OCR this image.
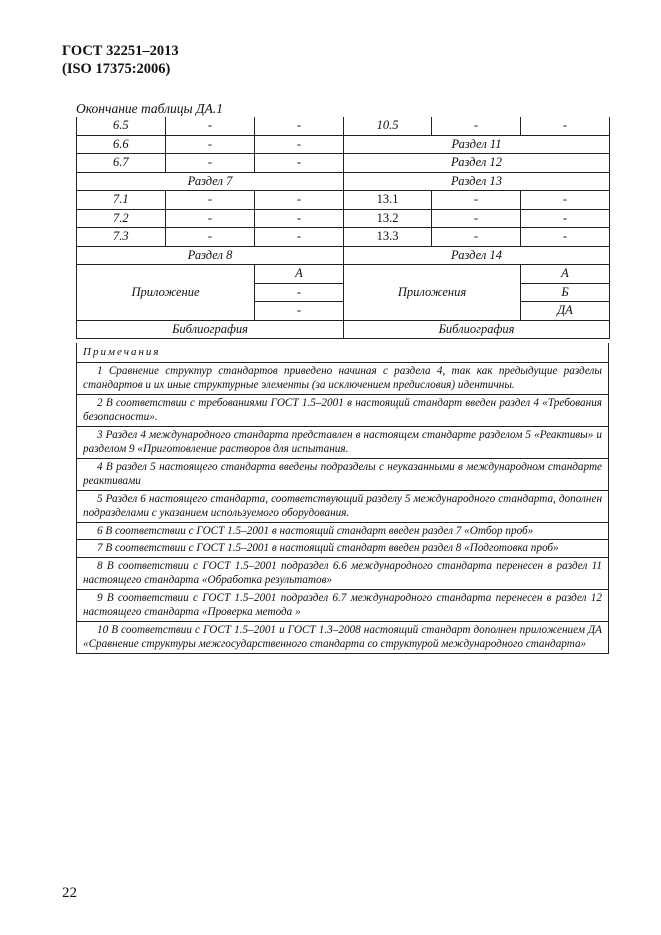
ГОСТ 32251–2013
(ISO 17375:2006)
Окончание таблицы ДА.1
6.5	-	-	10.5	-	-
6.6	-	-	Раздел 11		
6.7	-	-	Раздел 12		
Раздел 7			Раздел 13		
7.1	-	-	13.1	-	-
7.2	-	-	13.2	-	-
7.3	-	-	13.3	-	-
Раздел 8			Раздел 14		
Приложение		А	Приложения		А
		-			Б
		-			ДА
Библиография			Библиография		
Примечания
1 Сравнение структур стандартов приведено начиная с раздела 4, так как предыдущие разделы стандартов и их иные структурные элементы (за исключением предисловия) идентичны.
2 В соответствии с требованиями ГОСТ 1.5–2001 в настоящий стандарт введен раздел 4 «Требования безопасности».
3 Раздел 4 международного стандарта представлен в настоящем стандарте разделом 5 «Реактивы» и разделом 9 «Приготовление растворов для испытания.
4 В раздел 5 настоящего стандарта введены подразделы с неуказанными в международном стандарте реактивами
5 Раздел 6 настоящего стандарта, соответствующий разделу 5 международного стандарта, дополнен подразделами с указанием используемого оборудования.
6 В соответствии с ГОСТ 1.5–2001 в настоящий стандарт введен раздел 7 «Отбор проб»
7 В соответствии с ГОСТ 1.5–2001 в настоящий стандарт введен раздел 8 «Подготовка проб»
8 В соответствии с ГОСТ 1.5–2001 подраздел 6.6 международного стандарта перенесен в раздел 11 настоящего стандарта «Обработка результатов»
9 В соответствии с ГОСТ 1.5–2001 подраздел 6.7 международного стандарта перенесен в раздел 12 настоящего стандарта «Проверка метода »
10 В соответствии с ГОСТ 1.5–2001 и ГОСТ 1.3–2008 настоящий стандарт дополнен приложением ДА «Сравнение структуры межгосударственного стандарта со структурой международного стандарта»
22
